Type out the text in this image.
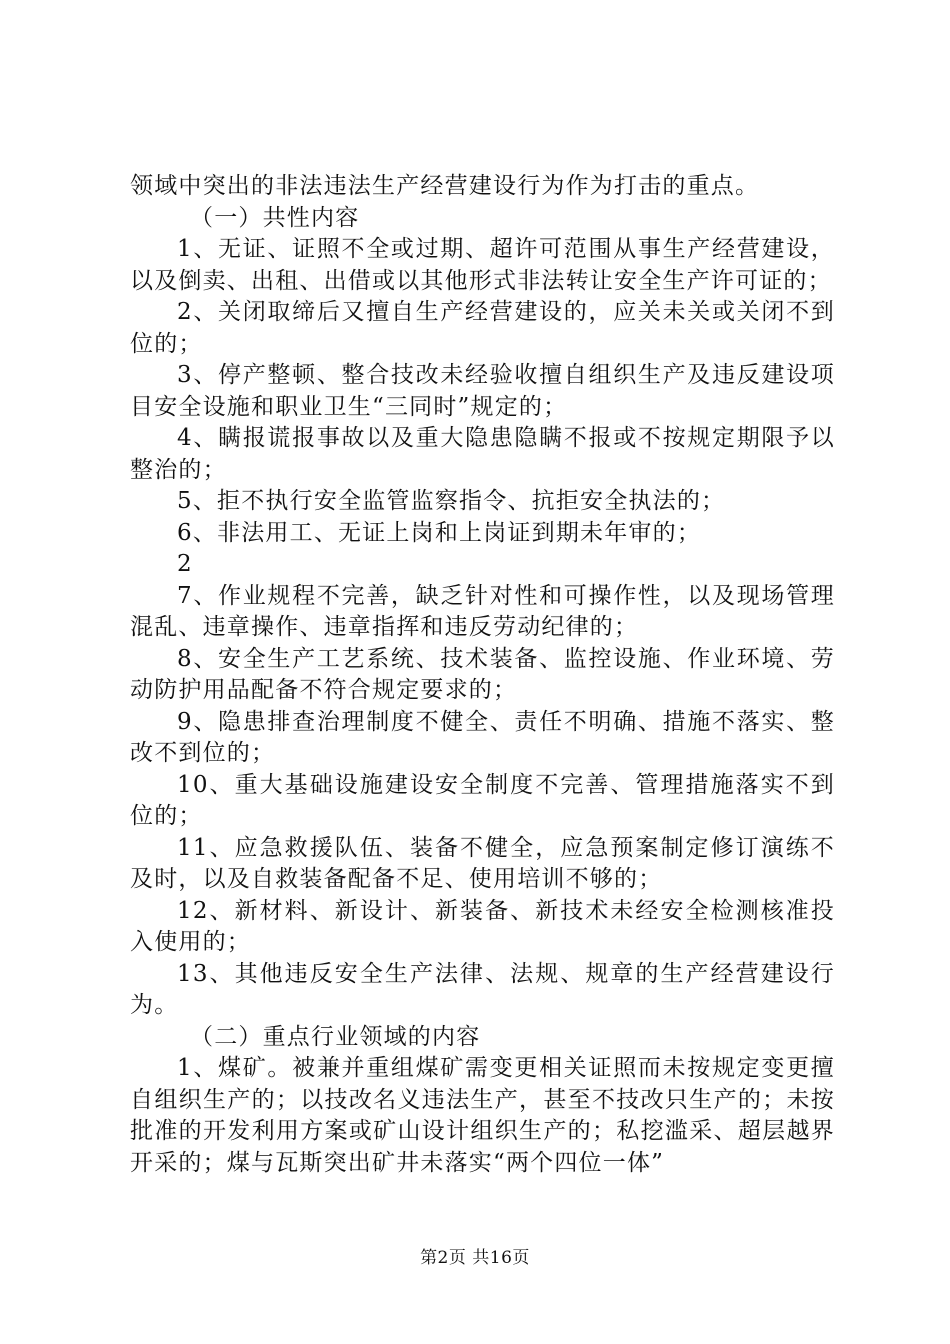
领域中突出的非法违法生产经营建设行为作为打击的重点。

（一）共性内容

1、无证、证照不全或过期、超许可范围从事生产经营建设，以及倒卖、出租、出借或以其他形式非法转让安全生产许可证的；

2、关闭取缔后又擅自生产经营建设的，应关未关或关闭不到位的；

3、停产整顿、整合技改未经验收擅自组织生产及违反建设项目安全设施和职业卫生“三同时”规定的；

4、瞒报谎报事故以及重大隐患隐瞒不报或不按规定期限予以整治的；

5、拒不执行安全监管监察指令、抗拒安全执法的；

6、非法用工、无证上岗和上岗证到期未年审的；

2

7、作业规程不完善，缺乏针对性和可操作性，以及现场管理混乱、违章操作、违章指挥和违反劳动纪律的；

8、安全生产工艺系统、技术装备、监控设施、作业环境、劳动防护用品配备不符合规定要求的；

9、隐患排查治理制度不健全、责任不明确、措施不落实、整改不到位的；

10、重大基础设施建设安全制度不完善、管理措施落实不到位的；

11、应急救援队伍、装备不健全，应急预案制定修订演练不及时，以及自救装备配备不足、使用培训不够的；

12、新材料、新设计、新装备、新技术未经安全检测核准投入使用的；

13、其他违反安全生产法律、法规、规章的生产经营建设行为。

（二）重点行业领域的内容

1、煤矿。被兼并重组煤矿需变更相关证照而未按规定变更擅自组织生产的；以技改名义违法生产，甚至不技改只生产的；未按批准的开发利用方案或矿山设计组织生产的；私挖滥采、超层越界开采的；煤与瓦斯突出矿井未落实“两个四位一体”

第2页 共16页
